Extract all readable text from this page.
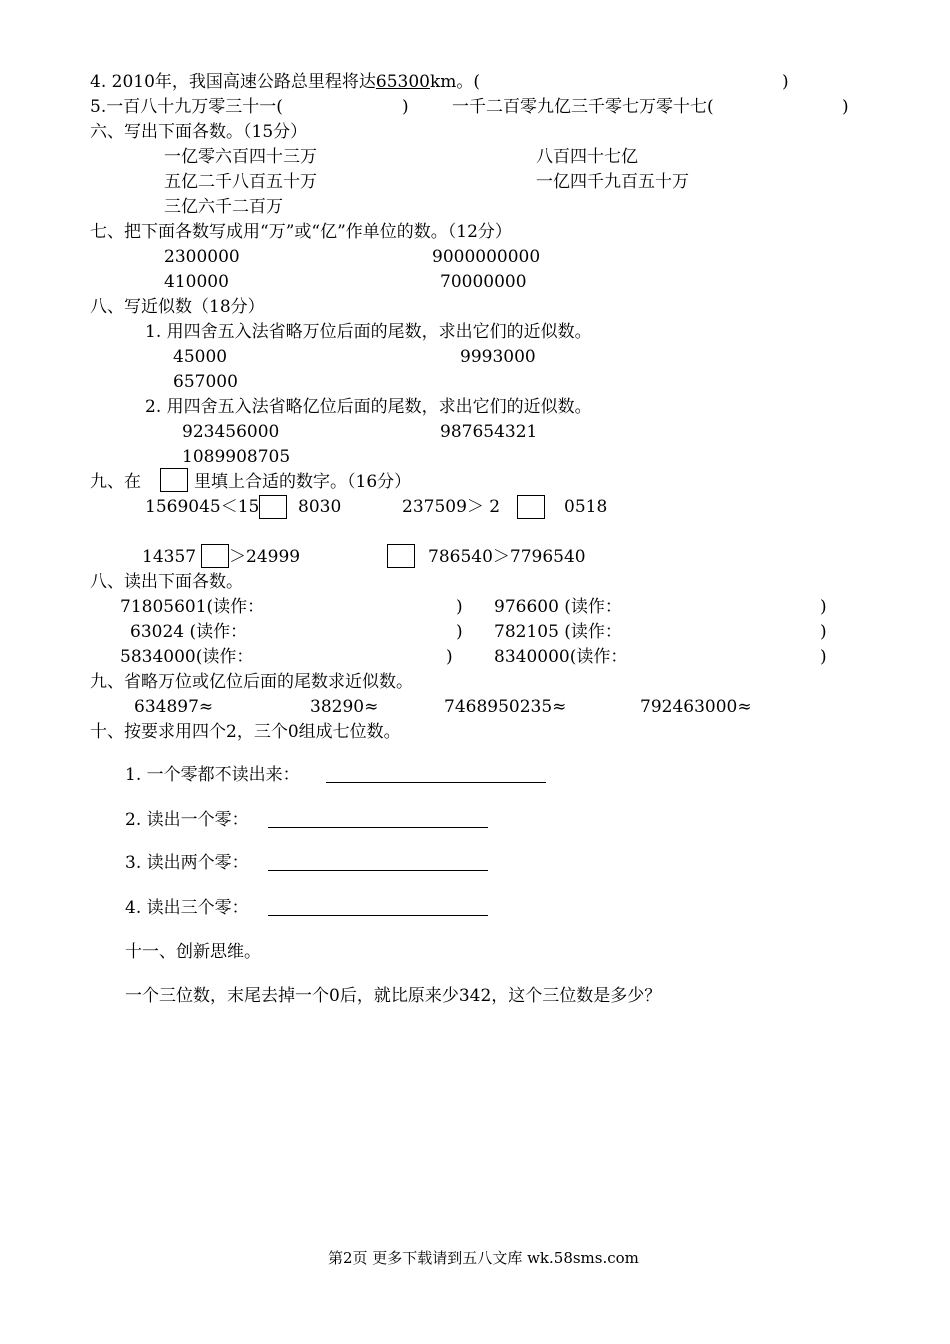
4. 2010年，我国高速公路总里程将达65300km。(	)
5.一百八十九万零三十一(	)	一千二百零九亿三千零七万零十七(	)
六、写出下面各数。（15分）
一亿零六百四十三万	八百四十七亿
五亿二千八百五十万	一亿四千九百五十万
三亿六千二百万
七、把下面各数写成用“万”或“亿”作单位的数。（12分）
2300000	9000000000
410000	70000000
八、写近似数（18分）
1. 用四舍五入法省略万位后面的尾数，求出它们的近似数。
45000	9993000
657000
2. 用四舍五入法省略亿位后面的尾数，求出它们的近似数。
923456000	987654321
1089908705
九、在	里填上合适的数字。（16分）
1569045＜15 8030	237509＞ 2	0518
14357 ＞24999	786540＞7796540
八、读出下面各数。
71805601(读作：	) 976600 (读作：	)
63024 (读作：	) 782105 (读作：	)
5834000(读作：	) 8340000(读作：	)
九、省略万位或亿位后面的尾数求近似数。
634897≈	38290≈	7468950235≈	792463000≈
十、按要求用四个2，三个0组成七位数。
1. 一个零都不读出来：
2. 读出一个零：
3. 读出两个零：
4. 读出三个零：
十一、创新思维。
一个三位数，末尾去掉一个0后，就比原来少342，这个三位数是多少？
第2页 更多下载请到五八文库 wk.58sms.com
